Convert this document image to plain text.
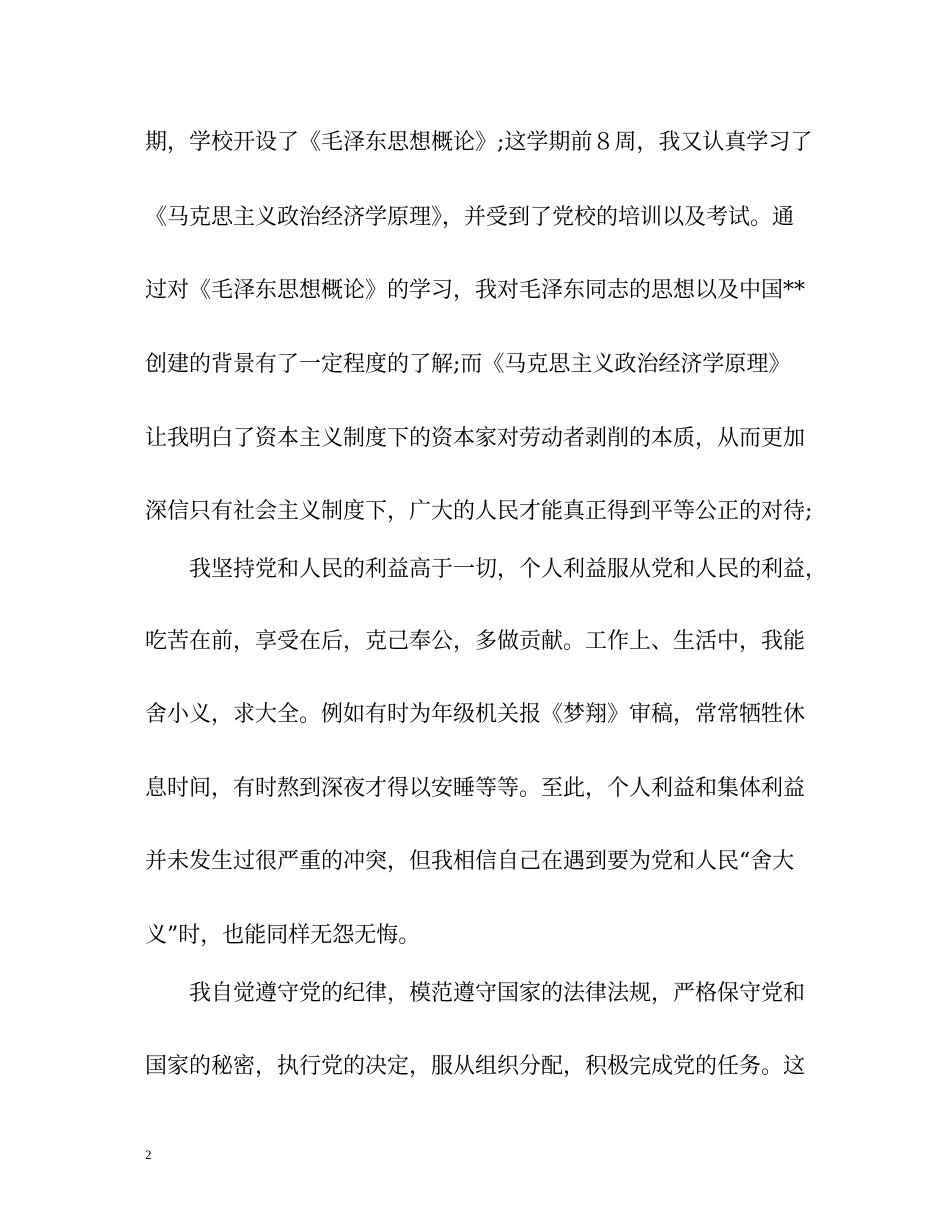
期，学校开设了《毛泽东思想概论》;这学期前８周，我又认真学习了
《马克思主义政治经济学原理》，并受到了党校的培训以及考试。通
过对《毛泽东思想概论》的学习，我对毛泽东同志的思想以及中国**
创建的背景有了一定程度的了解;而《马克思主义政治经济学原理》
让我明白了资本主义制度下的资本家对劳动者剥削的本质，从而更加
深信只有社会主义制度下，广大的人民才能真正得到平等公正的对待;
我坚持党和人民的利益高于一切，个人利益服从党和人民的利益，
吃苦在前，享受在后，克己奉公，多做贡献。工作上、生活中，我能
舍小义，求大全。例如有时为年级机关报《梦翔》审稿，常常牺牲休
息时间，有时熬到深夜才得以安睡等等。至此，个人利益和集体利益
并未发生过很严重的冲突，但我相信自己在遇到要为党和人民“舍大
义”时，也能同样无怨无悔。
我自觉遵守党的纪律，模范遵守国家的法律法规，严格保守党和
国家的秘密，执行党的决定，服从组织分配，积极完成党的任务。这
2
